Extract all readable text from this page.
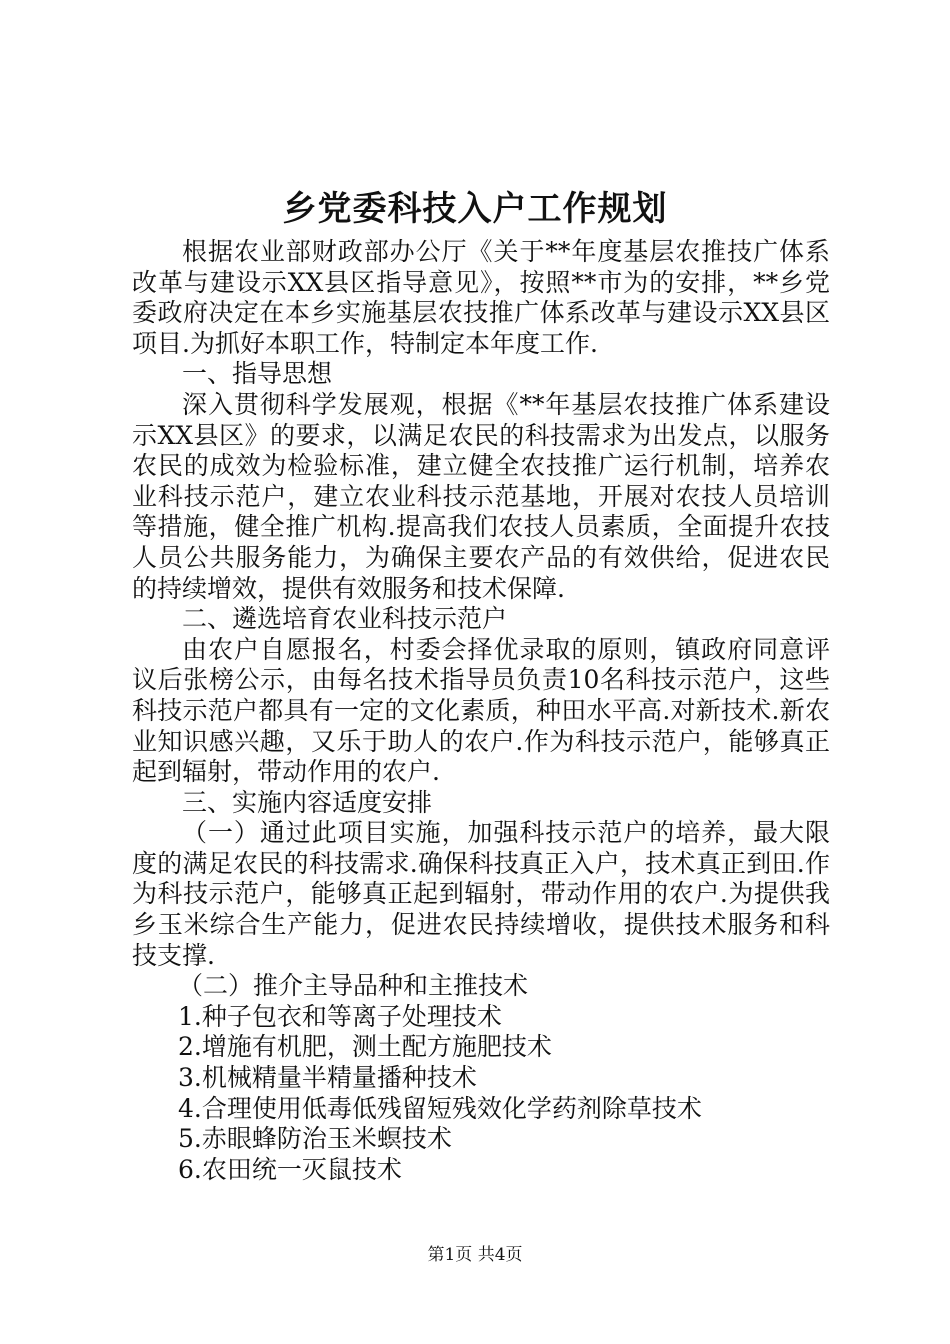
乡党委科技入户工作规划

根据农业部财政部办公厅《关于**年度基层农推技广体系改革与建设示XX县区指导意见》，按照**市为的安排，**乡党委政府决定在本乡实施基层农技推广体系改革与建设示XX县区项目.为抓好本职工作，特制定本年度工作.

一、指导思想

深入贯彻科学发展观，根据《**年基层农技推广体系建设示XX县区》的要求，以满足农民的科技需求为出发点，以服务农民的成效为检验标准，建立健全农技推广运行机制，培养农业科技示范户，建立农业科技示范基地，开展对农技人员培训等措施，健全推广机构.提高我们农技人员素质，全面提升农技人员公共服务能力，为确保主要农产品的有效供给，促进农民的持续增效，提供有效服务和技术保障.

二、遴选培育农业科技示范户

由农户自愿报名，村委会择优录取的原则，镇政府同意评议后张榜公示，由每名技术指导员负责10名科技示范户，这些科技示范户都具有一定的文化素质，种田水平高.对新技术.新农业知识感兴趣，又乐于助人的农户.作为科技示范户，能够真正起到辐射，带动作用的农户.

三、实施内容适度安排

（一）通过此项目实施，加强科技示范户的培养，最大限度的满足农民的科技需求.确保科技真正入户，技术真正到田.作为科技示范户，能够真正起到辐射，带动作用的农户.为提供我乡玉米综合生产能力，促进农民持续增收，提供技术服务和科技支撑.

（二）推介主导品种和主推技术

1.种子包衣和等离子处理技术

2.增施有机肥，测土配方施肥技术

3.机械精量半精量播种技术

4.合理使用低毒低残留短残效化学药剂除草技术

5.赤眼蜂防治玉米螟技术

6.农田统一灭鼠技术

第1页 共4页
